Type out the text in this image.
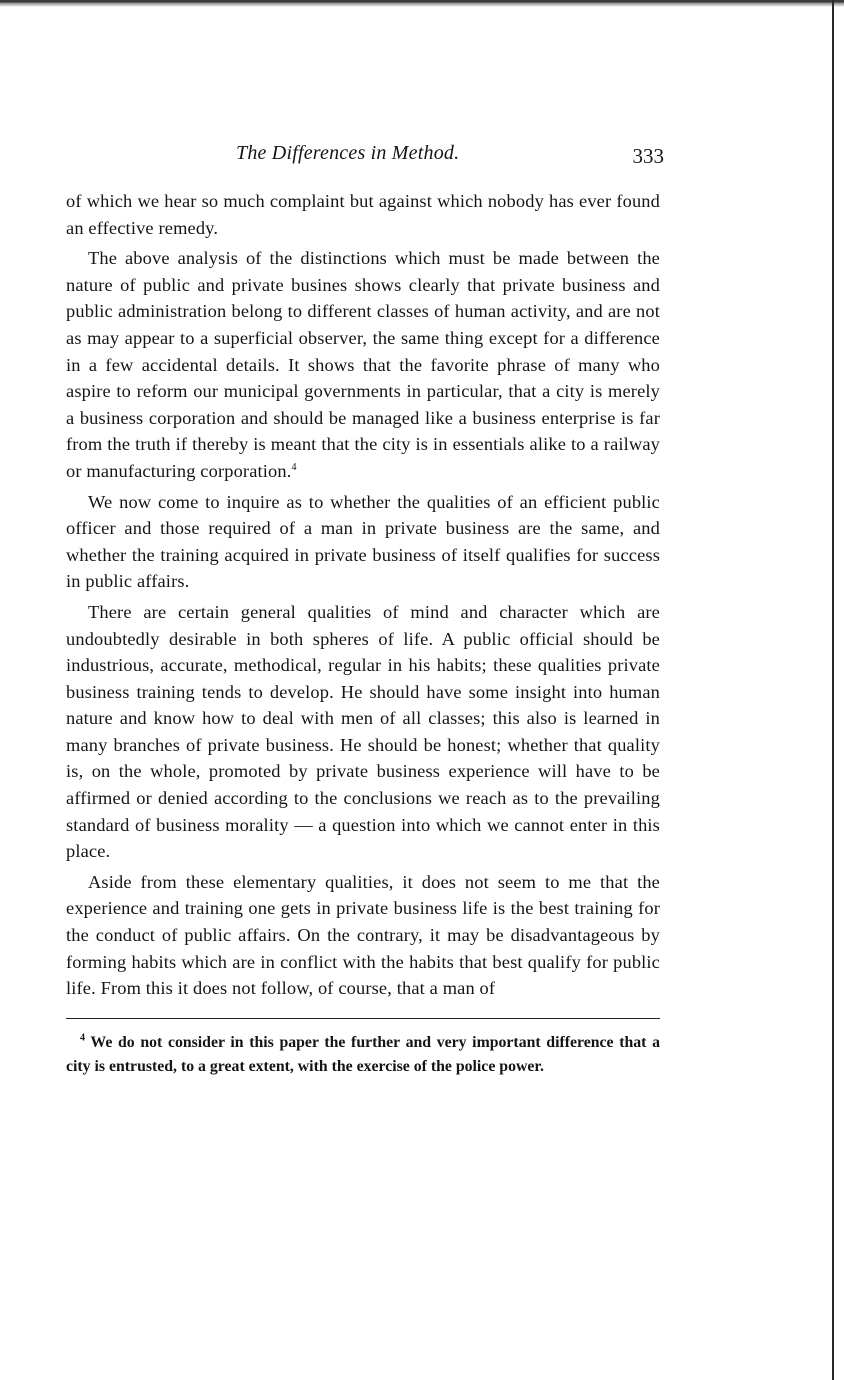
The Differences in Method.	333

of which we hear so much complaint but against which nobody has ever found an effective remedy.

The above analysis of the distinctions which must be made between the nature of public and private busines shows clearly that private business and public administration belong to different classes of human activity, and are not as may appear to a superficial observer, the same thing except for a difference in a few accidental details. It shows that the favorite phrase of many who aspire to reform our municipal governments in particular, that a city is merely a business corporation and should be managed like a business enterprise is far from the truth if thereby is meant that the city is in essentials alike to a railway or manufacturing corporation.$^4$

We now come to inquire as to whether the qualities of an efficient public officer and those required of a man in private business are the same, and whether the training acquired in private business of itself qualifies for success in public affairs.

There are certain general qualities of mind and character which are undoubtedly desirable in both spheres of life. A public official should be industrious, accurate, methodical, regular in his habits; these qualities private business training tends to develop. He should have some insight into human nature and know how to deal with men of all classes; this also is learned in many branches of private business. He should be honest; whether that quality is, on the whole, promoted by private business experience will have to be affirmed or denied according to the conclusions we reach as to the prevailing standard of business morality — a question into which we cannot enter in this place.

Aside from these elementary qualities, it does not seem to me that the experience and training one gets in private business life is the best training for the conduct of public affairs. On the contrary, it may be disadvantageous by forming habits which are in conflict with the habits that best qualify for public life. From this it does not follow, of course, that a man of

$^4$ We do not consider in this paper the further and very important difference that a city is entrusted, to a great extent, with the exercise of the police power.
